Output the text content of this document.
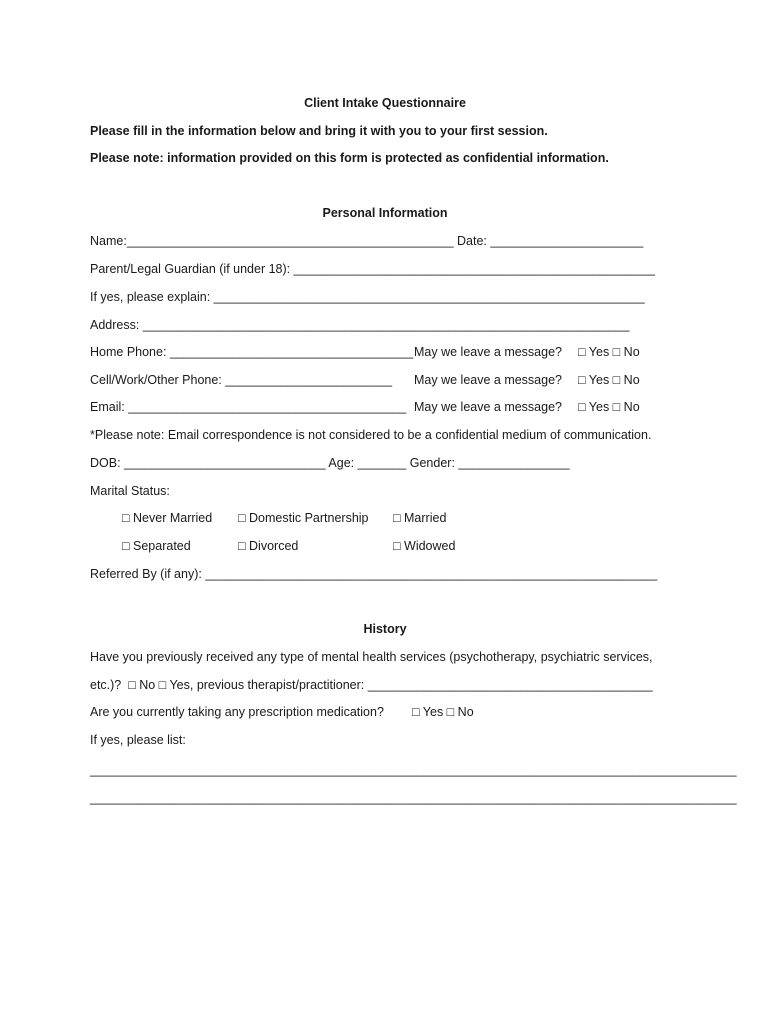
Client Intake Questionnaire
Please fill in the information below and bring it with you to your first session.
Please note: information provided on this form is protected as confidential information.
Personal Information
Name:_______________________________________________ Date: ______________________
Parent/Legal Guardian (if under 18): ____________________________________________________
If yes, please explain: ______________________________________________________________
Address: ______________________________________________________________________
Home Phone: ___________________________________ May we leave a message? □ Yes □ No
Cell/Work/Other Phone: ________________________ May we leave a message? □ Yes □ No
Email: ________________________________________ May we leave a message? □ Yes □ No
*Please note: Email correspondence is not considered to be a confidential medium of communication.
DOB: _____________________________ Age: _______ Gender: ________________
Marital Status:
□ Never Married □ Domestic Partnership □ Married
□ Separated	□ Divorced	□ Widowed
Referred By (if any): _________________________________________________________________
History
Have you previously received any type of mental health services (psychotherapy, psychiatric services,
etc.)?  □ No □ Yes, previous therapist/practitioner: _________________________________________
Are you currently taking any prescription medication? □ Yes □ No
If yes, please list:
_____________________________________________________________________________________________
_____________________________________________________________________________________________
